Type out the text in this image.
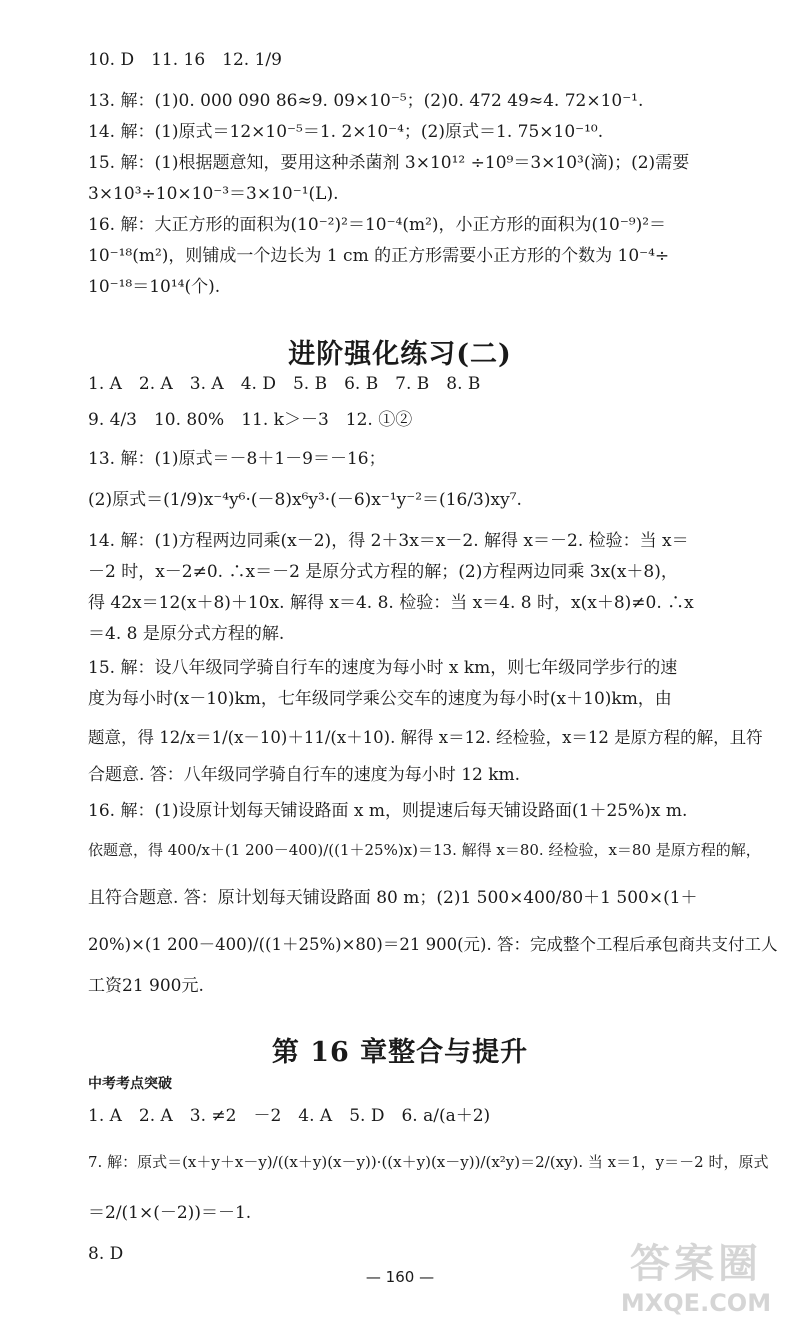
10. D　11. 16　12. 1/9
13. 解：(1)0. 000 090 86≈9. 09×10⁻⁵；(2)0. 472 49≈4. 72×10⁻¹.
14. 解：(1)原式＝12×10⁻⁵＝1. 2×10⁻⁴；(2)原式＝1. 75×10⁻¹⁰.
15. 解：(1)根据题意知，要用这种杀菌剂 3×10¹² ÷10⁹＝3×10³(滴)；(2)需要
3×10³÷10×10⁻³＝3×10⁻¹(L).
16. 解：大正方形的面积为(10⁻²)²＝10⁻⁴(m²)，小正方形的面积为(10⁻⁹)²＝
10⁻¹⁸(m²)，则铺成一个边长为 1 cm 的正方形需要小正方形的个数为 10⁻⁴÷
10⁻¹⁸＝10¹⁴(个).
进阶强化练习(二)
1. A　2. A　3. A　4. D　5. B　6. B　7. B　8. B
9. 4/3　10. 80%　11. k＞－3　12. ①②
13. 解：(1)原式＝－8＋1－9＝－16；
(2)原式＝(1/9)x⁻⁴y⁶·(－8)x⁶y³·(－6)x⁻¹y⁻²＝(16/3)xy⁷.
14. 解：(1)方程两边同乘(x－2)，得 2＋3x＝x－2. 解得 x＝－2. 检验：当 x＝
－2 时，x－2≠0. ∴x＝－2 是原分式方程的解；(2)方程两边同乘 3x(x＋8)，
得 42x＝12(x＋8)＋10x. 解得 x＝4. 8. 检验：当 x＝4. 8 时，x(x＋8)≠0. ∴x
＝4. 8 是原分式方程的解.
15. 解：设八年级同学骑自行车的速度为每小时 x km，则七年级同学步行的速
度为每小时(x－10)km，七年级同学乘公交车的速度为每小时(x＋10)km，由
题意，得 12/x＝1/(x－10)＋11/(x＋10). 解得 x＝12. 经检验，x＝12 是原方程的解，且符
合题意. 答：八年级同学骑自行车的速度为每小时 12 km.
16. 解：(1)设原计划每天铺设路面 x m，则提速后每天铺设路面(1＋25%)x m.
依题意，得 400/x＋(1 200－400)/((1＋25%)x)＝13. 解得 x＝80. 经检验，x＝80 是原方程的解，
且符合题意. 答：原计划每天铺设路面 80 m；(2)1 500×400/80＋1 500×(1＋
20%)×(1 200－400)/((1＋25%)×80)＝21 900(元). 答：完成整个工程后承包商共支付工人
工资21 900元.
第 16 章整合与提升
中考考点突破
1. A　2. A　3. ≠2　－2　4. A　5. D　6. a/(a＋2)
7. 解：原式＝(x＋y＋x－y)/((x＋y)(x－y))·((x＋y)(x－y))/(x²y)＝2/(xy). 当 x＝1，y＝－2 时，原式
＝2/(1×(－2))＝－1.
8. D
— 160 —	答案圈
MXQE.COM
